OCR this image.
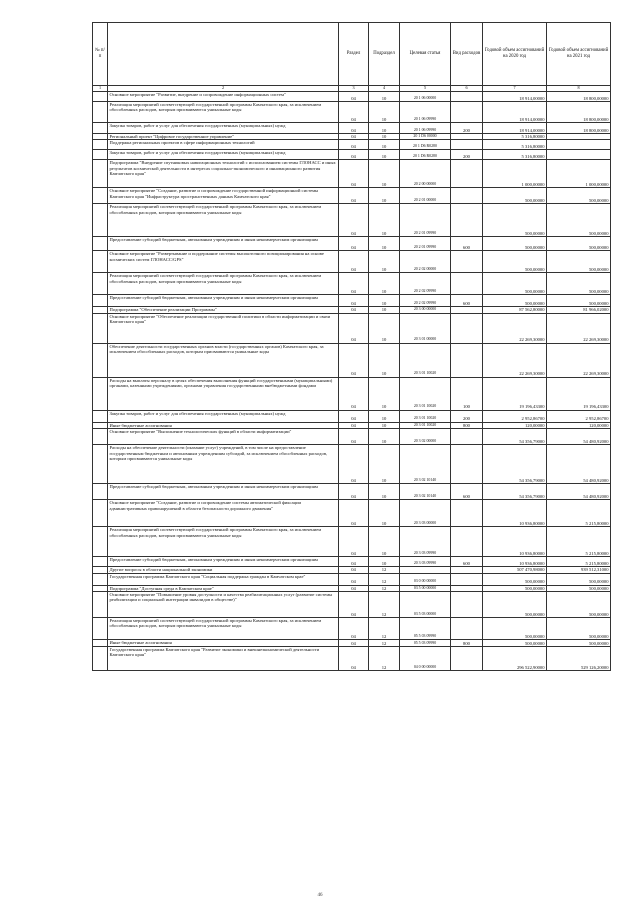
№ п/п		Раздел	Подраздел	Целевая статья	Вид расходов	Годовой объем ассигнований на 2020 год	Годовой объем ассигнований на 2021 год
1	2	3	4	5	6	7	8
	Основное мероприятие "Развитие, внедрение и сопровождение информационных систем"	04	10	20 1 06 00000		18 914,00000	18 800,00000
	Реализация мероприятий соответствующей государственной программы Камчатского края, за исключением обособленных расходов, которым присваиваются уникальные коды	04	10	20 1 06 09990		18 914,00000	18 800,00000
	Закупка товаров, работ и услуг для обеспечения государственных (муниципальных) нужд	04	10	20 1 06 09990	200	18 914,00000	18 800,00000
	Региональный проект "Цифровое государственное управление"	04	10	20 1 D6 00000		5 316,80000	
	Поддержка региональных проектов в сфере информационных технологий	04	10	20 1 D6 R0280		5 316,80000	
	Закупка товаров, работ и услуг для обеспечения государственных (муниципальных) нужд	04	10	20 1 D6 R0280	200	5 316,80000	
	Подпрограмма "Внедрение спутниковых навигационных технологий с использованием системы ГЛОНАСС и иных результатов космической деятельности в интересах социально-экономического и инновационного развития Камчатского края"	04	10	20 2 00 00000		1 000,00000	1 000,00000
	Основное мероприятие "Создание, развитие и сопровождение государственной информационной системы Камчатского края "Инфраструктура пространственных данных Камчатского края"	04	10	20 2 01 00000		500,00000	500,00000
	Реализация мероприятий соответствующей государственной программы Камчатского края, за исключением обособленных расходов, которым присваиваются уникальные коды	04	10	20 2 01 09990		500,00000	500,00000
	Предоставление субсидий бюджетным, автономным учреждениям и иным некоммерческим организациям	04	10	20 2 01 09990	600	500,00000	500,00000
	Основное мероприятие "Развертывание и поддержание системы высокоточного позиционирования на основе космических систем ГЛОНАСС/GPS"	04	10	20 2 02 00000		500,00000	500,00000
	Реализация мероприятий соответствующей государственной программы Камчатского края, за исключением обособленных расходов, которым присваиваются уникальные коды	04	10	20 2 02 09990		500,00000	500,00000
	Предоставление субсидий бюджетным, автономным учреждениям и иным некоммерческим организациям	04	10	20 2 02 09990	600	500,00000	500,00000
	Подпрограмма "Обеспечение реализации Программы"	04	10	20 3 00 00000		87 562,80000	81 966,02000
	Основное мероприятие "Обеспечение реализации государственной политики в области информатизации и связи Камчатского края"	04	10	20 3 01 00000		22 269,30000	22 269,30000
	Обеспечение деятельности государственных органов власти (государственных органов) Камчатского края, за исключением обособленных расходов, которым присваиваются уникальные коды	04	10	20 3 01 10020		22 269,30000	22 269,30000
	Расходы на выплаты персоналу в целях обеспечения выполнения функций государственными (муниципальными) органами, казенными учреждениями, органами управления государственными внебюджетными фондами	04	10	20 3 01 10020	100	19 196,43300	19 196,43300
	Закупка товаров, работ и услуг для обеспечения государственных (муниципальных) нужд	04	10	20 3 01 10020	200	2 952,86700	2 952,86700
	Иные бюджетные ассигнования	04	10	20 3 01 10020	800	120,00000	120,00000
	Основное мероприятие "Выполнение технологических функций в области информатизации"	04	10	20 3 02 00000		54 356,79000	54 480,92000
	Расходы на обеспечение деятельности (оказание услуг) учреждений, в том числе на предоставление государственным бюджетным и автономным учреждениям субсидий, за исключением обособленных расходов, которым присваиваются уникальные коды	04	10	20 3 02 10140		54 356,79000	54 480,92000
	Предоставление субсидий бюджетным, автономным учреждениям и иным некоммерческим организациям	04	10	20 3 02 10140	600	54 356,79000	54 480,92000
	Основное мероприятие "Создание, развитие и сопровождение системы автоматической фиксации административных правонарушений в области безопасности дорожного движения"	04	10	20 3 03 00000		10 936,80000	5 215,80000
	Реализация мероприятий соответствующей государственной программы Камчатского края, за исключением обособленных расходов, которым присваиваются уникальные коды	04	10	20 3 03 09990		10 936,80000	5 215,80000
	Предоставление субсидий бюджетным, автономным учреждениям и иным некоммерческим организациям	04	10	20 3 03 09990	600	10 936,80000	5 215,80000
	Другие вопросы в области национальной экономики	04	12			507 470,98000	939 512,31000
	Государственная программа Камчатского края "Социальная поддержка граждан в Камчатском крае"	04	12	03 0 00 00000		500,00000	500,00000
	Подпрограмма "Доступная среда в Камчатском крае"	04	12	03 5 00 00000		500,00000	500,00000
	Основное мероприятие "Повышение уровня доступности и качества реабилитационных услуг (развитие системы реабилитации и социальной интеграции инвалидов в обществе)"	04	12	03 5 03 00000		500,00000	500,00000
	Реализация мероприятий соответствующей государственной программы Камчатского края, за исключением обособленных расходов, которым присваиваются уникальные коды	04	12	05 5 03 09990		500,00000	500,00000
	Иные бюджетные ассигнования	04	12	05 5 03 09990	800	500,00000	500,00000
	Государственная программа Камчатского края "Развитие экономики и внешнеэкономической деятельности Камчатского края"	04	12	04 0 00 00000		296 522,90000	529 126,20000
46
